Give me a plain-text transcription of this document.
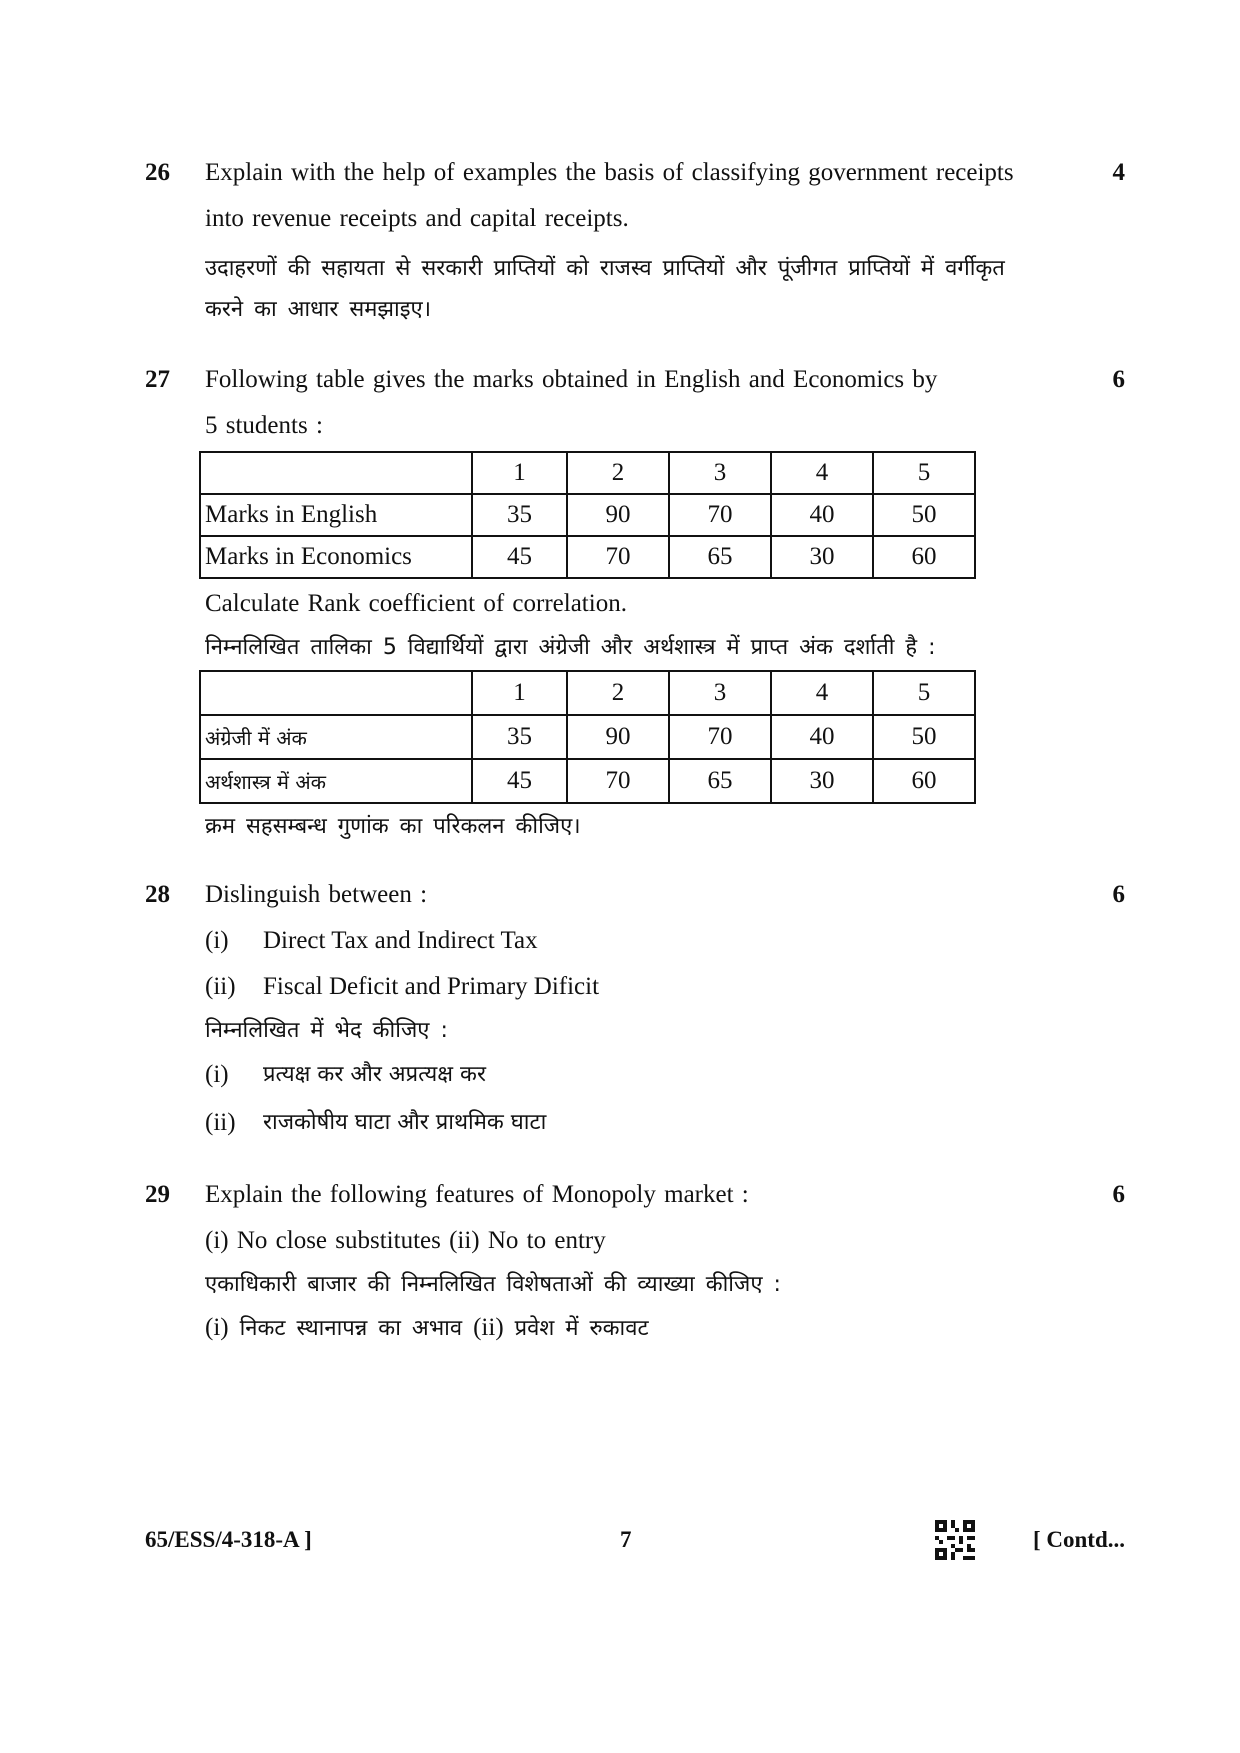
26	4

Explain with the help of examples the basis of classifying government receipts

into revenue receipts and capital receipts.

उदाहरणों की सहायता से सरकारी प्राप्तियों को राजस्व प्राप्तियों और पूंजीगत प्राप्तियों में वर्गीकृत

करने का आधार समझाइए।

27	6

Following table gives the marks obtained in English and Economics by

5 students :

	1	2	3	4	5
Marks in English	35	90	70	40	50
Marks in Economics	45	70	65	30	60

Calculate Rank coefficient of correlation.

निम्नलिखित तालिका 5 विद्यार्थियों द्वारा अंग्रेजी और अर्थशास्त्र में प्राप्त अंक दर्शाती है :

	1	2	3	4	5
अंग्रेजी में अंक	35	90	70	40	50
अर्थशास्त्र में अंक	45	70	65	30	60

क्रम सहसम्बन्ध गुणांक का परिकलन कीजिए।

28	6

Dislinguish between :

(i)	Direct Tax and Indirect Tax
(ii)	Fiscal Deficit and Primary Dificit

निम्नलिखित में भेद कीजिए :

(i)	प्रत्यक्ष कर और अप्रत्यक्ष कर
(ii)	राजकोषीय घाटा और प्राथमिक घाटा
29	6

Explain the following features of Monopoly market :

(i) No close substitutes (ii) No to entry

एकाधिकारी बाजार की निम्नलिखित विशेषताओं की व्याख्या कीजिए :

(i) निकट स्थानापन्न का अभाव (ii) प्रवेश में रुकावट

65/ESS/4-318-A ]	7	[ Contd...
